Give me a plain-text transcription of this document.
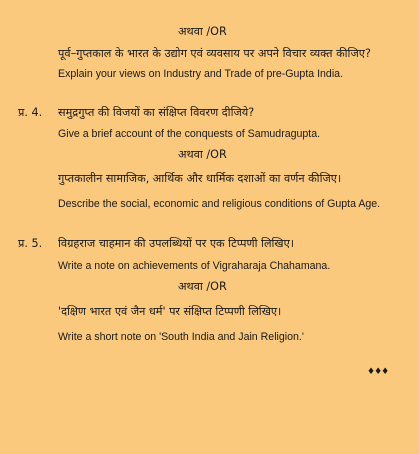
अथवा /OR
पूर्व–गुप्तकाल के भारत के उद्योग एवं व्यवसाय पर अपने विचार व्यक्त कीजिए?
Explain your views on Industry and Trade of pre-Gupta India.
प्र. 4. समुद्रगुप्त की विजयों का संक्षिप्त विवरण दीजिये?
Give a brief account of the conquests of Samudragupta.
अथवा /OR
गुप्तकालीन सामाजिक, आर्थिक और धार्मिक दशाओं का वर्णन कीजिए।
Describe the social, economic and religious conditions of Gupta Age.
प्र. 5. विग्रहराज चाहमान की उपलब्धियों पर एक टिप्पणी लिखिए।
Write a note on achievements of Vigraharaja Chahamana.
अथवा /OR
'दक्षिण भारत एवं जैन धर्म' पर संक्षिप्त टिप्पणी लिखिए।
Write a short note on 'South India and Jain Religion.'
♦♦♦
